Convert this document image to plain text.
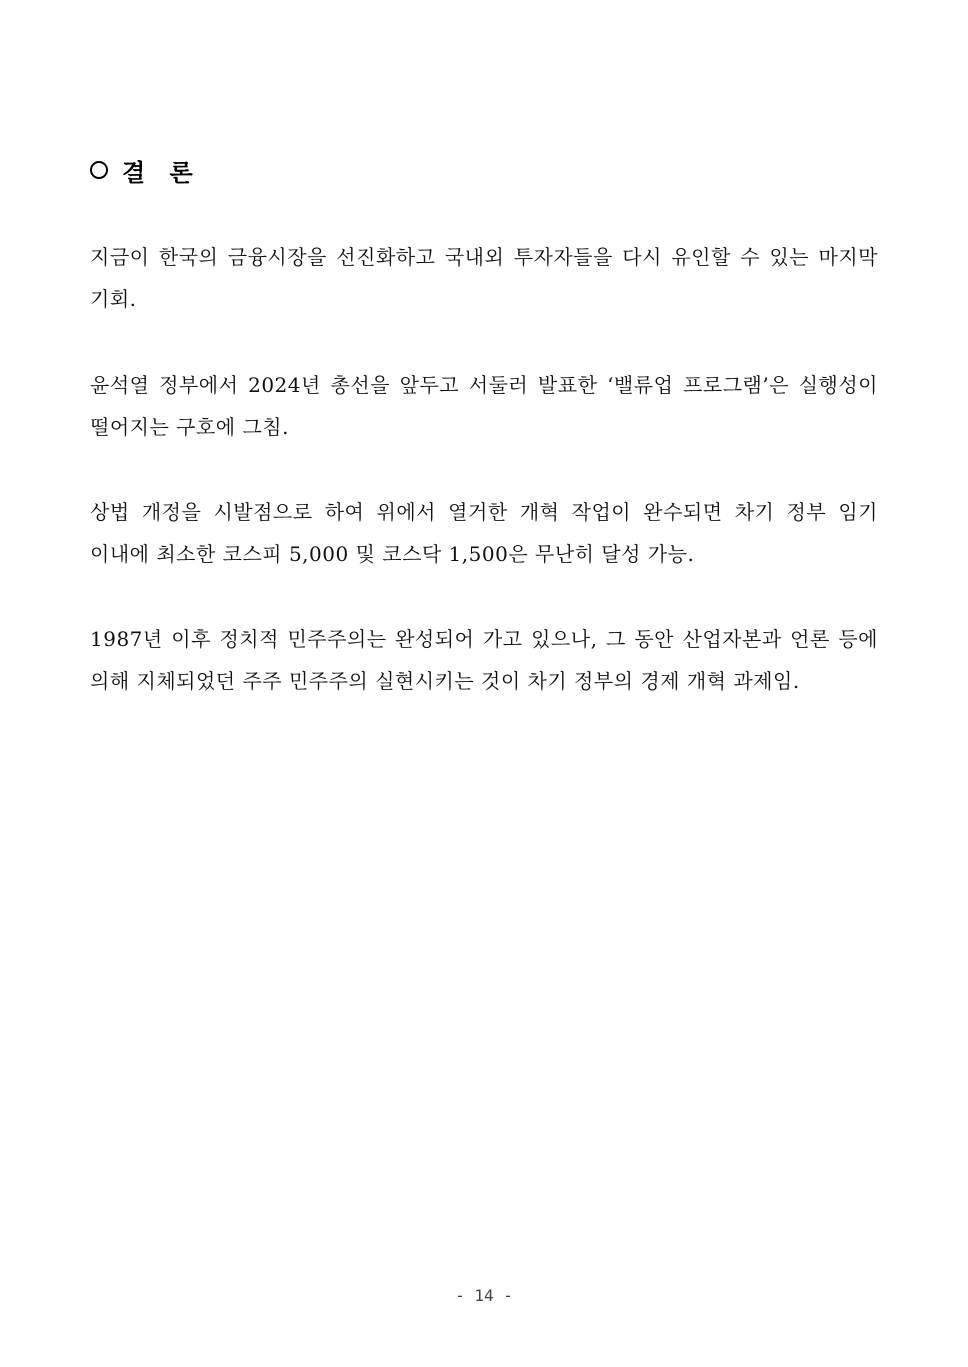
결 론

지금이 한국의 금융시장을 선진화하고 국내외 투자자들을 다시 유인할 수 있는 마지막 기회.

윤석열 정부에서 2024년 총선을 앞두고 서둘러 발표한 ‘밸류업 프로그램’은 실행성이 떨어지는 구호에 그침.

상법 개정을 시발점으로 하여 위에서 열거한 개혁 작업이 완수되면 차기 정부 임기 이내에 최소한 코스피 5,000 및 코스닥 1,500은 무난히 달성 가능.

1987년 이후 정치적 민주주의는 완성되어 가고 있으나, 그 동안 산업자본과 언론 등에 의해 지체되었던 주주 민주주의 실현시키는 것이 차기 정부의 경제 개혁 과제임.

- 14 -
